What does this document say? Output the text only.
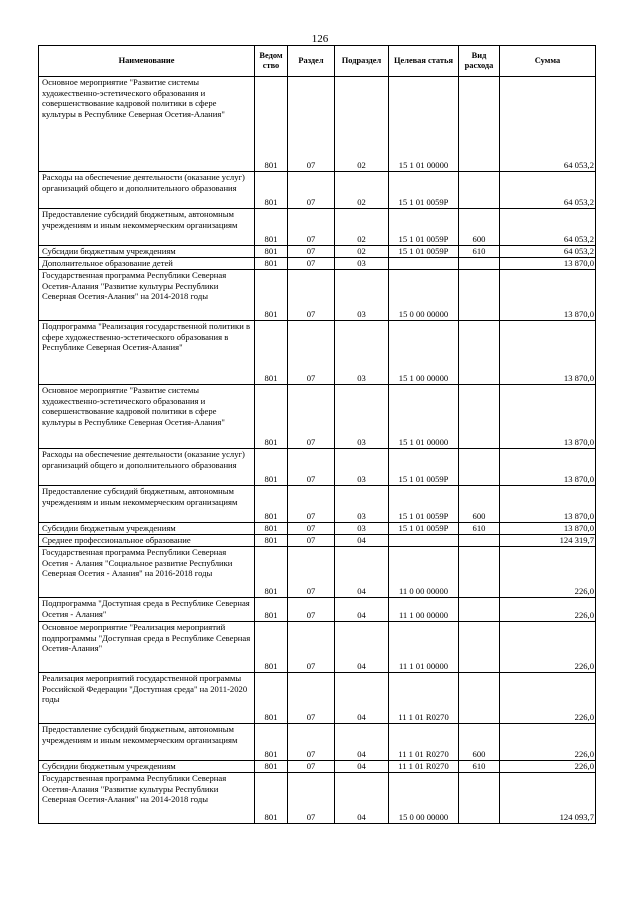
126
Наименование	Ведом ство	Раздел	Подраздел	Целевая статья	Вид расхода	Сумма
Основное мероприятие "Развитие системы художественно-эстетического образования и совершенствование кадровой политики в сфере культуры в Республике Северная Осетия-Алания"	801	07	02	15 1 01 00000		64 053,2
Расходы на обеспечение деятельности (оказание услуг) организаций общего и дополнительного образования	801	07	02	15 1 01 0059Р		64 053,2
Предоставление субсидий бюджетным, автономным учреждениям и иным некоммерческим организациям	801	07	02	15 1 01 0059Р	600	64 053,2
Субсидии бюджетным учреждениям	801	07	02	15 1 01 0059Р	610	64 053,2
Дополнительное образование детей	801	07	03			13 870,0
Государственная программа Республики Северная Осетия-Алания "Развитие культуры Республики Северная Осетия-Алания" на 2014-2018 годы	801	07	03	15 0 00 00000		13 870,0
Подпрограмма "Реализация государственной политики в сфере художественно-эстетического образования в Республике Северная Осетия-Алания"	801	07	03	15 1 00 00000		13 870,0
Основное мероприятие "Развитие системы художественно-эстетического образования и совершенствование кадровой политики в сфере культуры в Республике Северная Осетия-Алания"	801	07	03	15 1 01 00000		13 870,0
Расходы на обеспечение деятельности (оказание услуг) организаций общего и дополнительного образования	801	07	03	15 1 01 0059Р		13 870,0
Предоставление субсидий бюджетным, автономным учреждениям и иным некоммерческим организациям	801	07	03	15 1 01 0059Р	600	13 870,0
Субсидии бюджетным учреждениям	801	07	03	15 1 01 0059Р	610	13 870,0
Среднее профессиональное образование	801	07	04			124 319,7
Государственная программа Республики Северная Осетия - Алания "Социальное развитие Республики Северная Осетия - Алания" на 2016-2018 годы	801	07	04	11 0 00 00000		226,0
Подпрограмма "Доступная среда в Республике Северная Осетия - Алания"	801	07	04	11 1 00 00000		226,0
Основное мероприятие "Реализация мероприятий подпрограммы "Доступная среда в Республике Северная Осетия-Алания"	801	07	04	11 1 01 00000		226,0
Реализация мероприятий государственной программы Российской Федерации "Доступная среда" на 2011-2020 годы	801	07	04	11 1 01 R0270		226,0
Предоставление субсидий бюджетным, автономным учреждениям и иным некоммерческим организациям	801	07	04	11 1 01 R0270	600	226,0
Субсидии бюджетным учреждениям	801	07	04	11 1 01 R0270	610	226,0
Государственная программа Республики Северная Осетия-Алания "Развитие культуры Республики Северная Осетия-Алания" на 2014-2018 годы	801	07	04	15 0 00 00000		124 093,7
